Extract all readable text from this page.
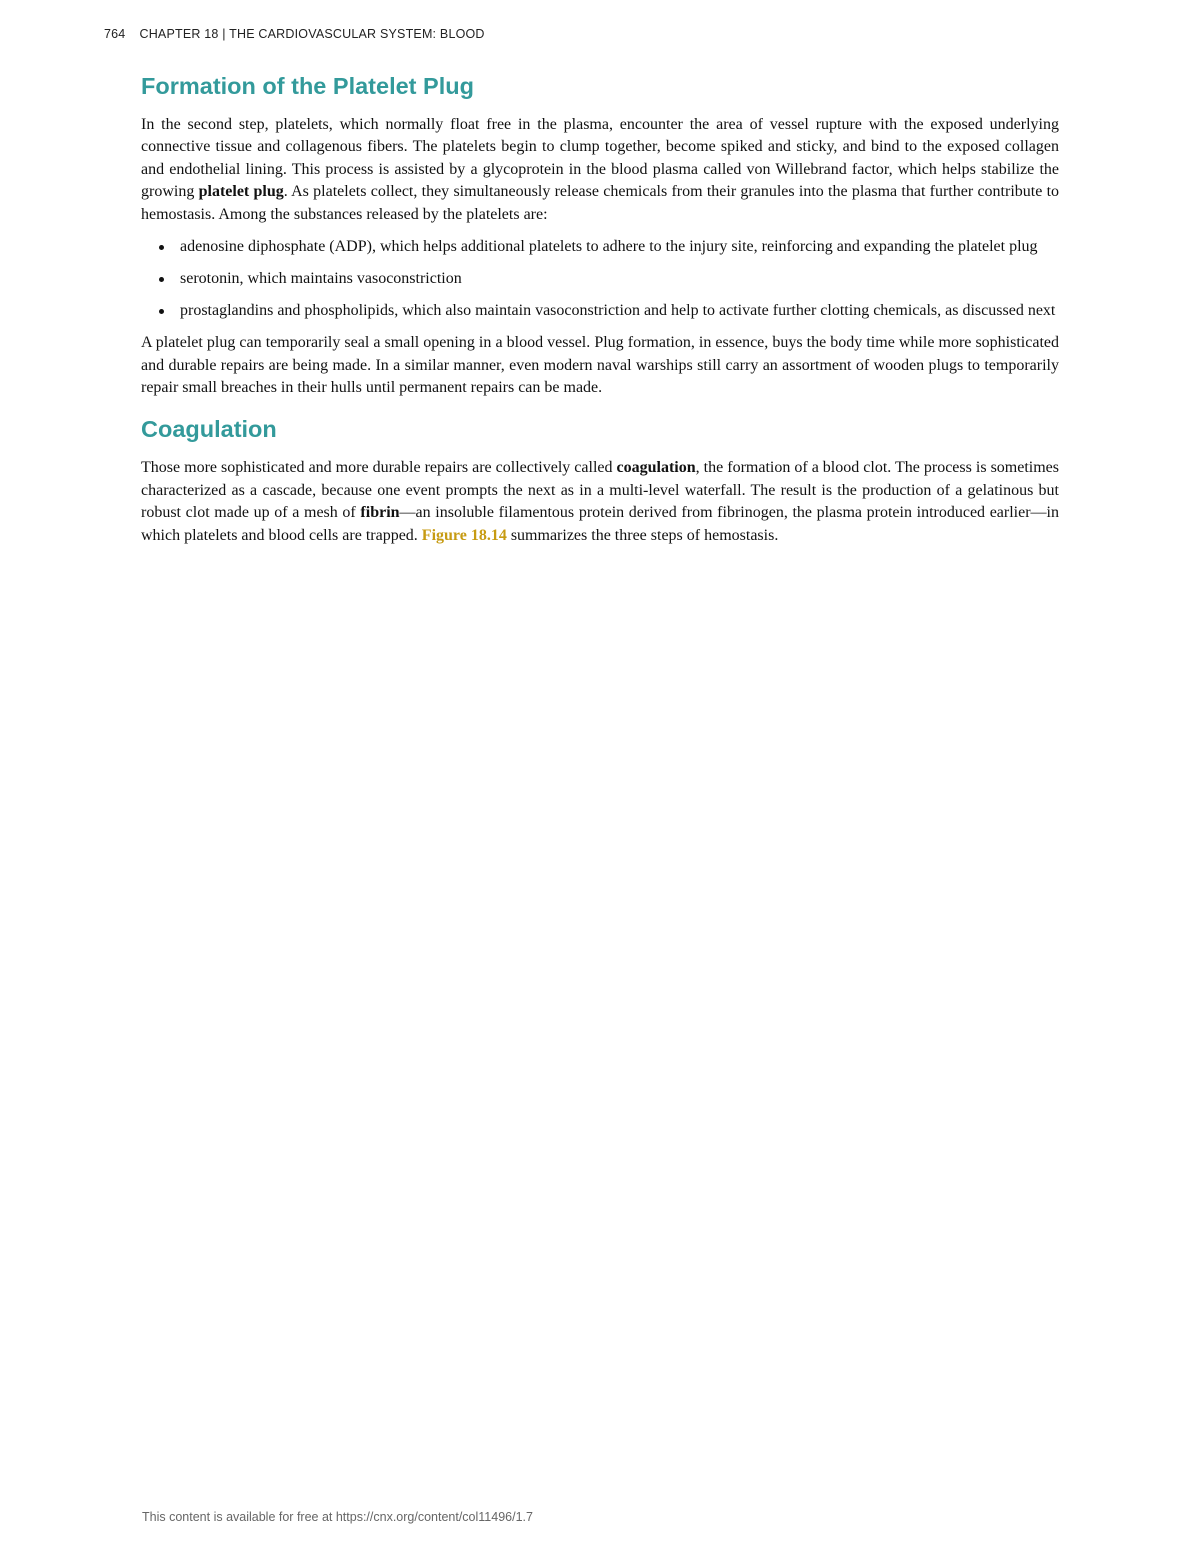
764 CHAPTER 18 | THE CARDIOVASCULAR SYSTEM: BLOOD
Formation of the Platelet Plug

In the second step, platelets, which normally float free in the plasma, encounter the area of vessel rupture with the exposed underlying connective tissue and collagenous fibers. The platelets begin to clump together, become spiked and sticky, and bind to the exposed collagen and endothelial lining. This process is assisted by a glycoprotein in the blood plasma called von Willebrand factor, which helps stabilize the growing platelet plug. As platelets collect, they simultaneously release chemicals from their granules into the plasma that further contribute to hemostasis. Among the substances released by the platelets are:

adenosine diphosphate (ADP), which helps additional platelets to adhere to the injury site, reinforcing and expanding the platelet plug
serotonin, which maintains vasoconstriction
prostaglandins and phospholipids, which also maintain vasoconstriction and help to activate further clotting chemicals, as discussed next

A platelet plug can temporarily seal a small opening in a blood vessel. Plug formation, in essence, buys the body time while more sophisticated and durable repairs are being made. In a similar manner, even modern naval warships still carry an assortment of wooden plugs to temporarily repair small breaches in their hulls until permanent repairs can be made.

Coagulation

Those more sophisticated and more durable repairs are collectively called coagulation, the formation of a blood clot. The process is sometimes characterized as a cascade, because one event prompts the next as in a multi-level waterfall. The result is the production of a gelatinous but robust clot made up of a mesh of fibrin—an insoluble filamentous protein derived from fibrinogen, the plasma protein introduced earlier—in which platelets and blood cells are trapped. Figure 18.14 summarizes the three steps of hemostasis.

This content is available for free at https://cnx.org/content/col11496/1.7
